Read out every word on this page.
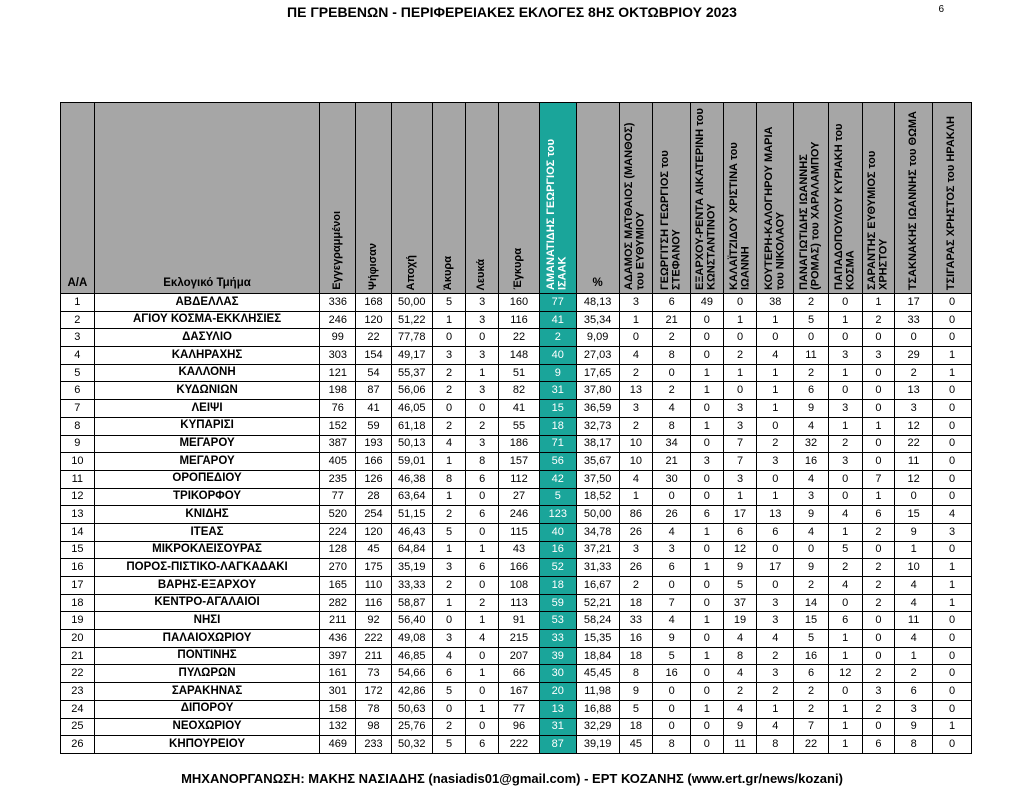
ΠΕ ΓΡΕΒΕΝΩΝ - ΠΕΡΙΦΕΡΕΙΑΚΕΣ ΕΚΛΟΓΕΣ 8ΗΣ ΟΚΤΩΒΡΙΟΥ 2023	6
Α/Α	Εκλογικό Τμήμα	Εγγεγραμμένοι	Ψήφισαν	Αποχή	Άκυρα	Λευκά	Έγκυρα	ΑΜΑΝΑΤΙΔΗΣ ΓΕΩΡΓΙΟΣ του ΙΣΑΑΚ	%	ΑΔΑΜΟΣ ΜΑΤΘΑΙΟΣ (ΜΑΝΘΟΣ) του ΕΥΘΥΜΙΟΥ	ΓΕΩΡΓΙΤΣΗ ΓΕΩΡΓΙΟΣ του ΣΤΕΦΑΝΟΥ	ΕΞΑΡΧΟΥ-ΡΕΝΤΑ ΑΙΚΑΤΕΡΙΝΗ του ΚΩΝΣΤΑΝΤΙΝΟΥ	ΚΑΛΑΪΤΖΙΔΟΥ ΧΡΙΣΤΙΝΑ του ΙΩΑΝΝΗ	ΚΟΥΤΕΡΗ-ΚΑΛΟΓΗΡΟΥ ΜΑΡΙΑ του ΝΙΚΟΛΑΟΥ	ΠΑΝΑΓΙΩΤΙΔΗΣ ΙΩΑΝΝΗΣ (ΡΟΜΑΣ) του ΧΑΡΑΛΑΜΠΟΥ	ΠΑΠΑΔΟΠΟΥΛΟΥ ΚΥΡΙΑΚΗ του ΚΟΣΜΑ	ΣΑΡΑΝΤΗΣ ΕΥΘΥΜΙΟΣ του ΧΡΗΣΤΟΥ	ΤΣΑΚΝΑΚΗΣ ΙΩΑΝΝΗΣ του ΘΩΜΑ	ΤΣΙΓΑΡΑΣ ΧΡΗΣΤΟΣ του ΗΡΑΚΛΗ

1	ΑΒΔΕΛΛΑΣ	336	168	50,00	5	3	160	77	48,13	3	6	49	0	38	2	0	1	17	0
2	ΑΓΙΟΥ ΚΟΣΜΑ-ΕΚΚΛΗΣΙΕΣ	246	120	51,22	1	3	116	41	35,34	1	21	0	1	1	5	1	2	33	0
3	ΔΑΣΥΛΙΟ	99	22	77,78	0	0	22	2	9,09	0	2	0	0	0	0	0	0	0	0
4	ΚΑΛΗΡΑΧΗΣ	303	154	49,17	3	3	148	40	27,03	4	8	0	2	4	11	3	3	29	1
5	ΚΑΛΛΟΝΗ	121	54	55,37	2	1	51	9	17,65	2	0	1	1	1	2	1	0	2	1
6	ΚΥΔΩΝΙΩΝ	198	87	56,06	2	3	82	31	37,80	13	2	1	0	1	6	0	0	13	0
7	ΛΕΙΨΙ	76	41	46,05	0	0	41	15	36,59	3	4	0	3	1	9	3	0	3	0
8	ΚΥΠΑΡΙΣΙ	152	59	61,18	2	2	55	18	32,73	2	8	1	3	0	4	1	1	12	0
9	ΜΕΓΑΡΟΥ	387	193	50,13	4	3	186	71	38,17	10	34	0	7	2	32	2	0	22	0
10	ΜΕΓΑΡΟΥ	405	166	59,01	1	8	157	56	35,67	10	21	3	7	3	16	3	0	11	0
11	ΟΡΟΠΕΔΙΟΥ	235	126	46,38	8	6	112	42	37,50	4	30	0	3	0	4	0	7	12	0
12	ΤΡΙΚΟΡΦΟΥ	77	28	63,64	1	0	27	5	18,52	1	0	0	1	1	3	0	1	0	0
13	ΚΝΙΔΗΣ	520	254	51,15	2	6	246	123	50,00	86	26	6	17	13	9	4	6	15	4
14	ΙΤΕΑΣ	224	120	46,43	5	0	115	40	34,78	26	4	1	6	6	4	1	2	9	3
15	ΜΙΚΡΟΚΛΕΙΣΟΥΡΑΣ	128	45	64,84	1	1	43	16	37,21	3	3	0	12	0	0	5	0	1	0
16	ΠΟΡΟΣ-ΠΙΣΤΙΚΟ-ΛΑΓΚΑΔΑΚΙ	270	175	35,19	3	6	166	52	31,33	26	6	1	9	17	9	2	2	10	1
17	ΒΑΡΗΣ-ΕΞΑΡΧΟΥ	165	110	33,33	2	0	108	18	16,67	2	0	0	5	0	2	4	2	4	1
18	ΚΕΝΤΡΟ-ΑΓΑΛΑΙΟΙ	282	116	58,87	1	2	113	59	52,21	18	7	0	37	3	14	0	2	4	1
19	ΝΗΣΙ	211	92	56,40	0	1	91	53	58,24	33	4	1	19	3	15	6	0	11	0
20	ΠΑΛΑΙΟΧΩΡΙΟΥ	436	222	49,08	3	4	215	33	15,35	16	9	0	4	4	5	1	0	4	0
21	ΠΟΝΤΙΝΗΣ	397	211	46,85	4	0	207	39	18,84	18	5	1	8	2	16	1	0	1	0
22	ΠΥΛΩΡΩΝ	161	73	54,66	6	1	66	30	45,45	8	16	0	4	3	6	12	2	2	0
23	ΣΑΡΑΚΗΝΑΣ	301	172	42,86	5	0	167	20	11,98	9	0	0	2	2	2	0	3	6	0
24	ΔΙΠΟΡΟΥ	158	78	50,63	0	1	77	13	16,88	5	0	1	4	1	2	1	2	3	0
25	ΝΕΟΧΩΡΙΟΥ	132	98	25,76	2	0	96	31	32,29	18	0	0	9	4	7	1	0	9	1
26	ΚΗΠΟΥΡΕΙΟΥ	469	233	50,32	5	6	222	87	39,19	45	8	0	11	8	22	1	6	8	0
ΜΗΧΑΝΟΡΓΑΝΩΣΗ: ΜΑΚΗΣ ΝΑΣΙΑΔΗΣ (nasiadis01@gmail.com) - ΕΡΤ ΚΟΖΑΝΗΣ (www.ert.gr/news/kozani)
